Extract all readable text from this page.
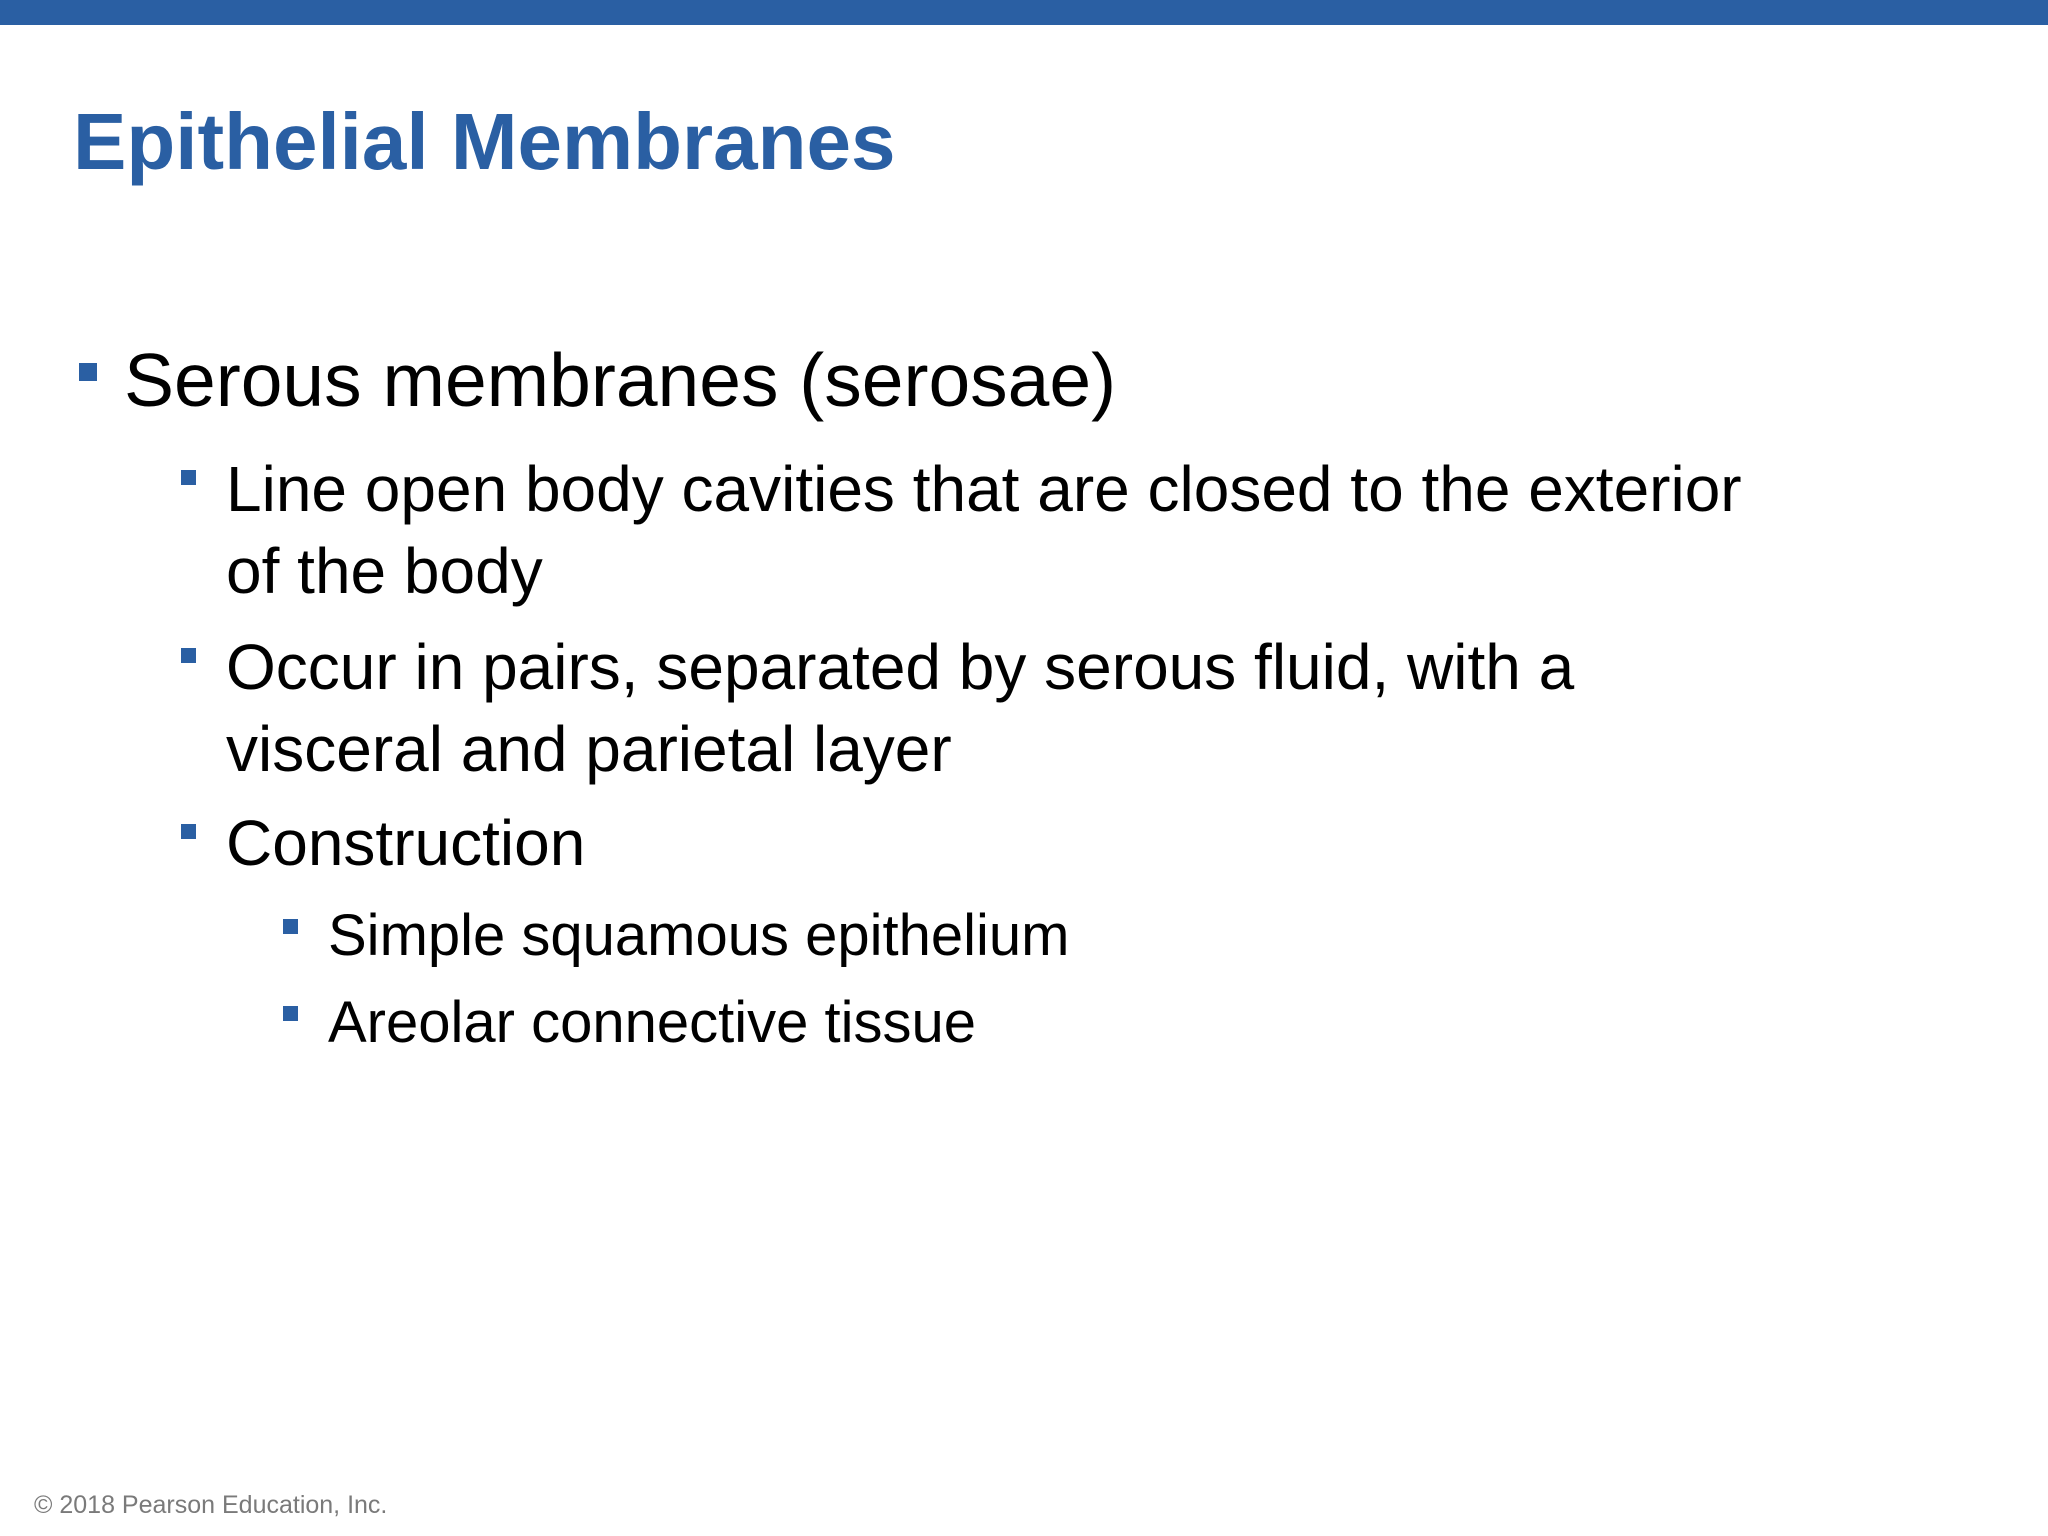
Epithelial Membranes
Serous membranes (serosae)
Line open body cavities that are closed to the exterior
of the body
Occur in pairs, separated by serous fluid, with a
visceral and parietal layer
Construction
Simple squamous epithelium
Areolar connective tissue
© 2018 Pearson Education, Inc.
